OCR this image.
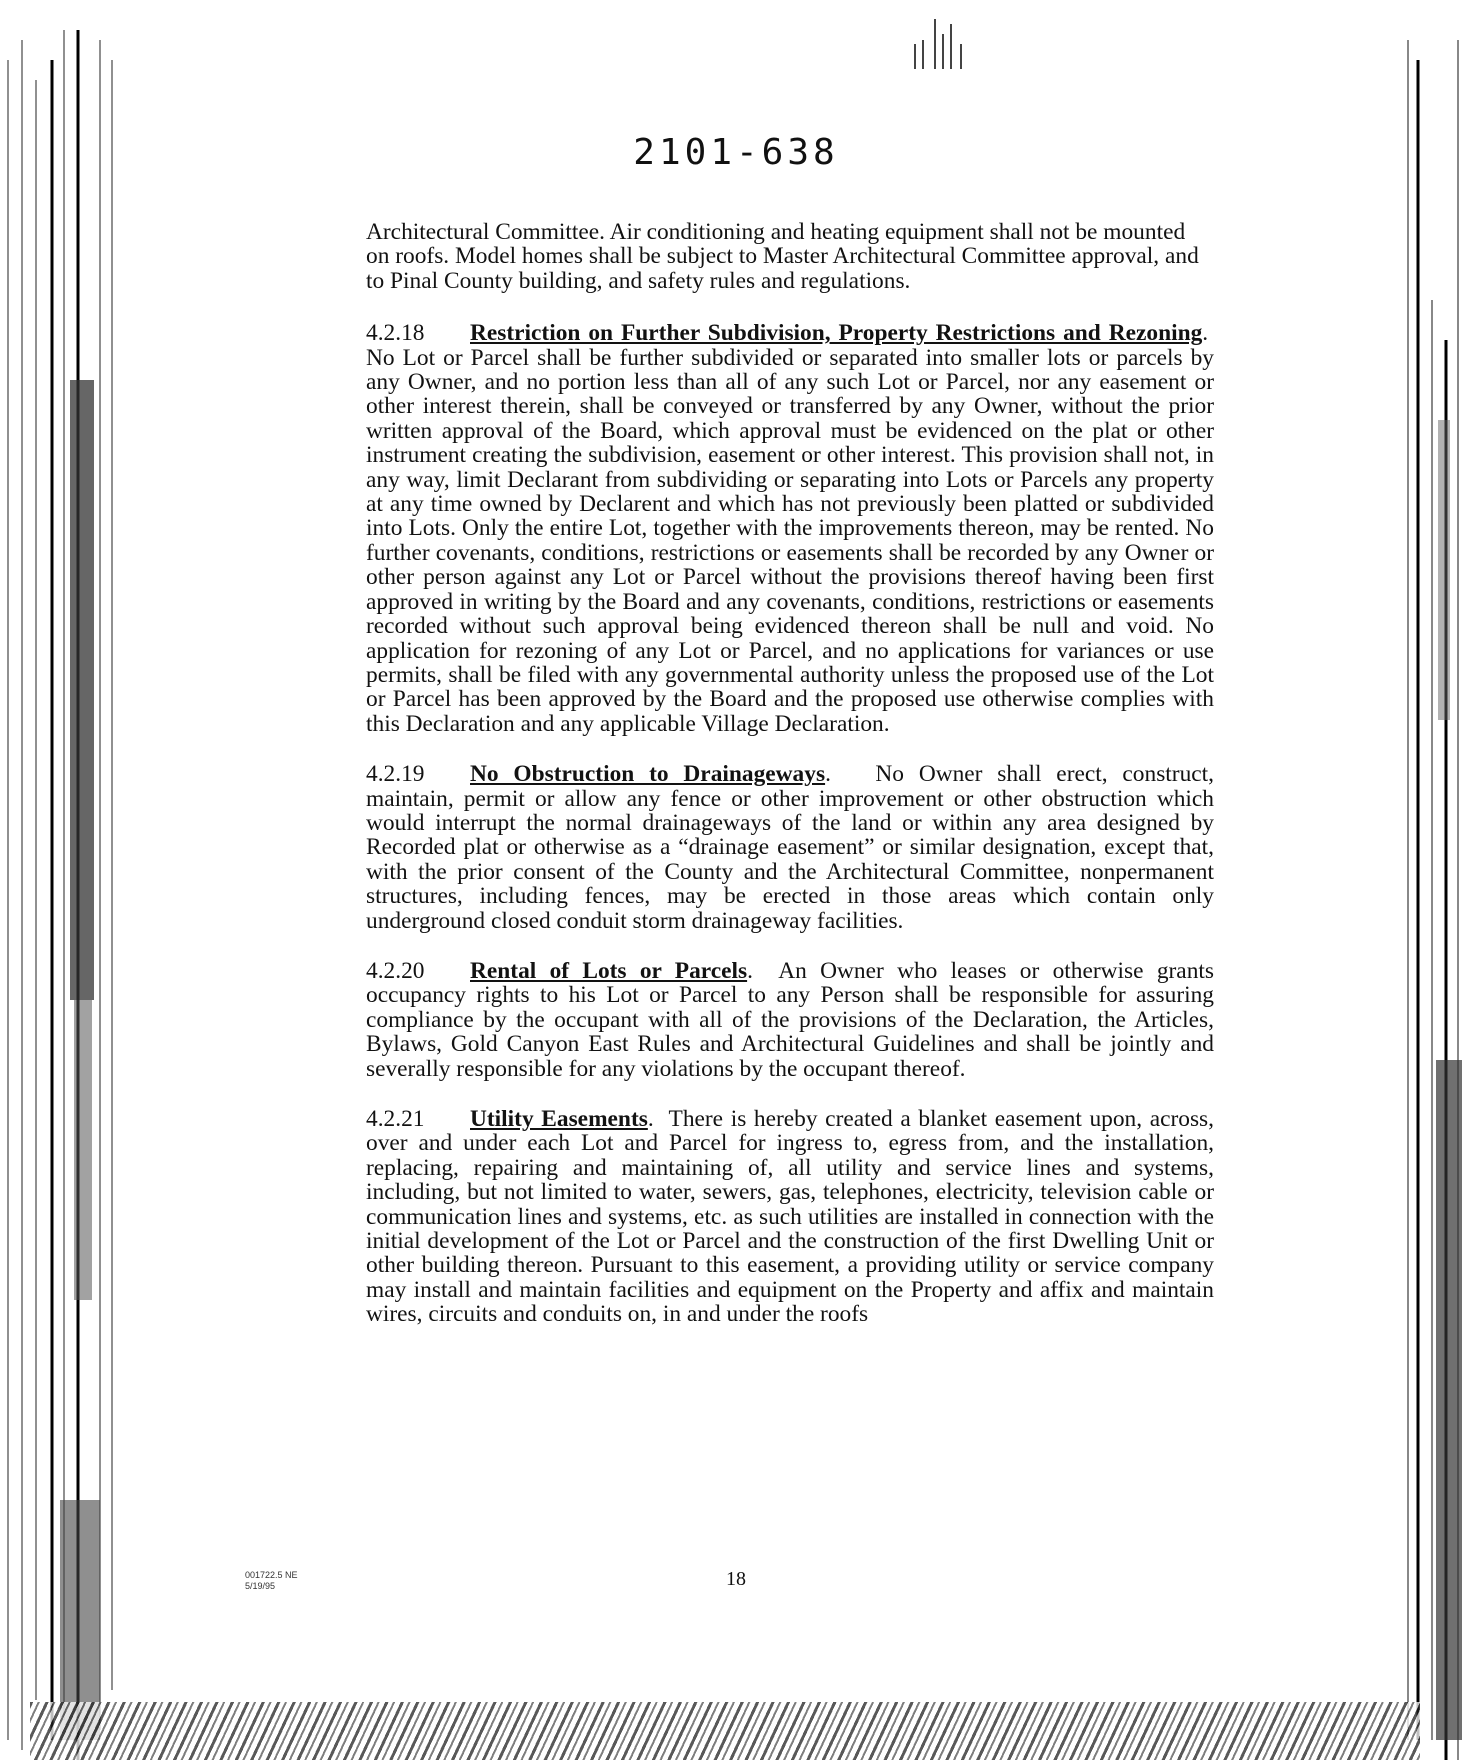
2101-638

Architectural Committee. Air conditioning and heating equipment shall not be mounted on roofs. Model homes shall be subject to Master Architectural Committee approval, and to Pinal County building, and safety rules and regulations.

4.2.18 Restriction on Further Subdivision, Property Restrictions and Rezoning.  No Lot or Parcel shall be further subdivided or separated into smaller lots or parcels by any Owner, and no portion less than all of any such Lot or Parcel, nor any easement or other interest therein, shall be conveyed or transferred by any Owner, without the prior written approval of the Board, which approval must be evidenced on the plat or other instrument creating the subdivision, easement or other interest. This provision shall not, in any way, limit Declarant from subdividing or separating into Lots or Parcels any property at any time owned by Declarent and which has not previously been platted or subdivided into Lots. Only the entire Lot, together with the improvements thereon, may be rented. No further covenants, conditions, restrictions or easements shall be recorded by any Owner or other person against any Lot or Parcel without the provisions thereof having been first approved in writing by the Board and any covenants, conditions, restrictions or easements recorded without such approval being evidenced thereon shall be null and void. No application for rezoning of any Lot or Parcel, and no applications for variances or use permits, shall be filed with any governmental authority unless the proposed use of the Lot or Parcel has been approved by the Board and the proposed use otherwise complies with this Declaration and any applicable Village Declaration.

4.2.19 No Obstruction to Drainageways.   No Owner shall erect, construct, maintain, permit or allow any fence or other improvement or other obstruction which would interrupt the normal drainageways of the land or within any area designed by Recorded plat or otherwise as a “drainage easement” or similar designation, except that, with the prior consent of the County and the Architectural Committee, nonpermanent structures, including fences, may be erected in those areas which contain only underground closed conduit storm drainageway facilities.

4.2.20 Rental of Lots or Parcels.  An Owner who leases or otherwise grants occupancy rights to his Lot or Parcel to any Person shall be responsible for assuring compliance by the occupant with all of the provisions of the Declaration, the Articles, Bylaws, Gold Canyon East Rules and Architectural Guidelines and shall be jointly and severally responsible for any violations by the occupant thereof.

4.2.21 Utility Easements.  There is hereby created a blanket easement upon, across, over and under each Lot and Parcel for ingress to, egress from, and the installation, replacing, repairing and maintaining of, all utility and service lines and systems, including, but not limited to water, sewers, gas, telephones, electricity, television cable or communication lines and systems, etc. as such utilities are installed in connection with the initial development of the Lot or Parcel and the construction of the first Dwelling Unit or other building thereon. Pursuant to this easement, a providing utility or service company may install and maintain facilities and equipment on the Property and affix and maintain wires, circuits and conduits on, in and under the roofs

001722.5 NE
5/19/95	18
